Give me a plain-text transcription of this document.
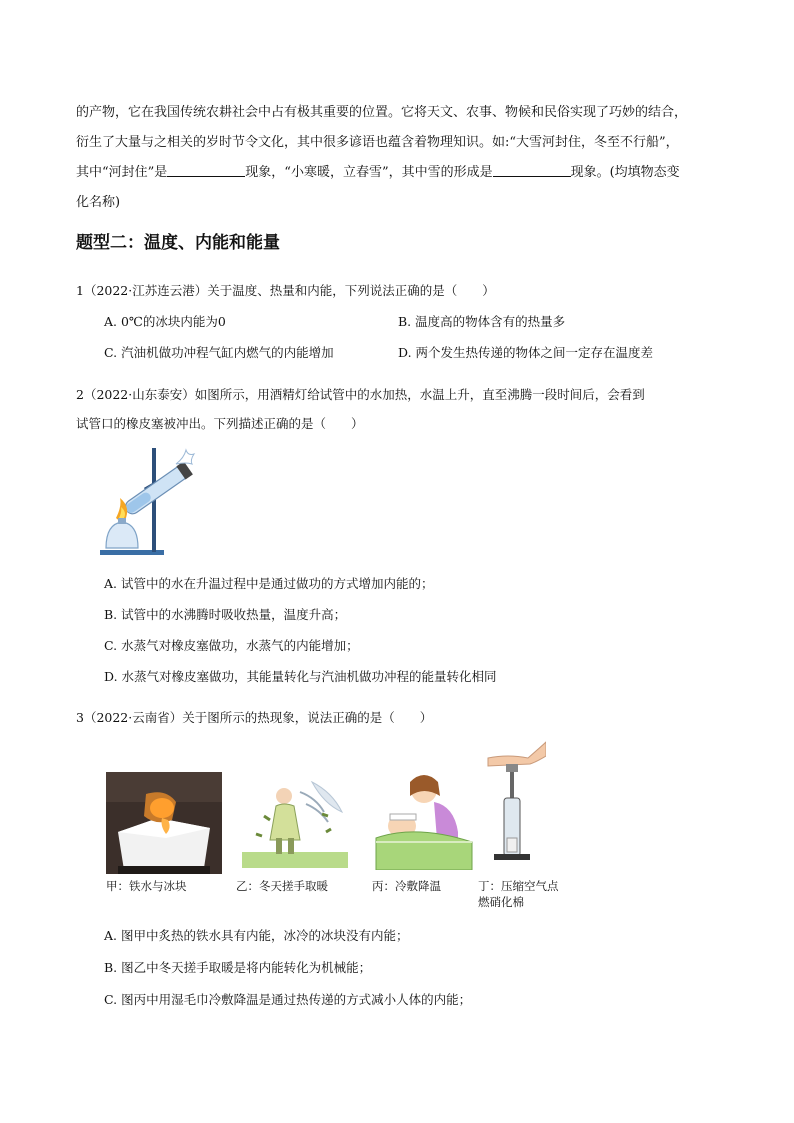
的产物，它在我国传统农耕社会中占有极其重要的位置。它将天文、农事、物候和民俗实现了巧妙的结合，

衍生了大量与之相关的岁时节令文化，其中很多谚语也蕴含着物理知识。如:“大雪河封住，冬至不行船”，

其中“河封住”是	现象，“小寒暖，立春雪”，其中雪的形成是	现象。(均填物态变

化名称)

题型二：温度、内能和能量
1（2022·江苏连云港）关于温度、热量和内能，下列说法正确的是（　　）
A. 0℃的冰块内能为0	B. 温度高的物体含有的热量多
C. 汽油机做功冲程气缸内燃气的内能增加	D. 两个发生热传递的物体之间一定存在温度差
2（2022·山东泰安）如图所示，用酒精灯给试管中的水加热，水温上升，直至沸腾一段时间后，会看到
试管口的橡皮塞被冲出。下列描述正确的是（　　）
A. 试管中的水在升温过程中是通过做功的方式增加内能的；
B. 试管中的水沸腾时吸收热量，温度升高；
C. 水蒸气对橡皮塞做功，水蒸气的内能增加；
D. 水蒸气对橡皮塞做功，其能量转化与汽油机做功冲程的能量转化相同
3（2022·云南省）关于图所示的热现象，说法正确的是（　　）
甲：铁水与冰块	乙：冬天搓手取暖	丙：冷敷降温	丁：压缩空气点
燃硝化棉
A. 图甲中炙热的铁水具有内能，冰冷的冰块没有内能；
B. 图乙中冬天搓手取暖是将内能转化为机械能；
C. 图丙中用湿毛巾冷敷降温是通过热传递的方式减小人体的内能；
